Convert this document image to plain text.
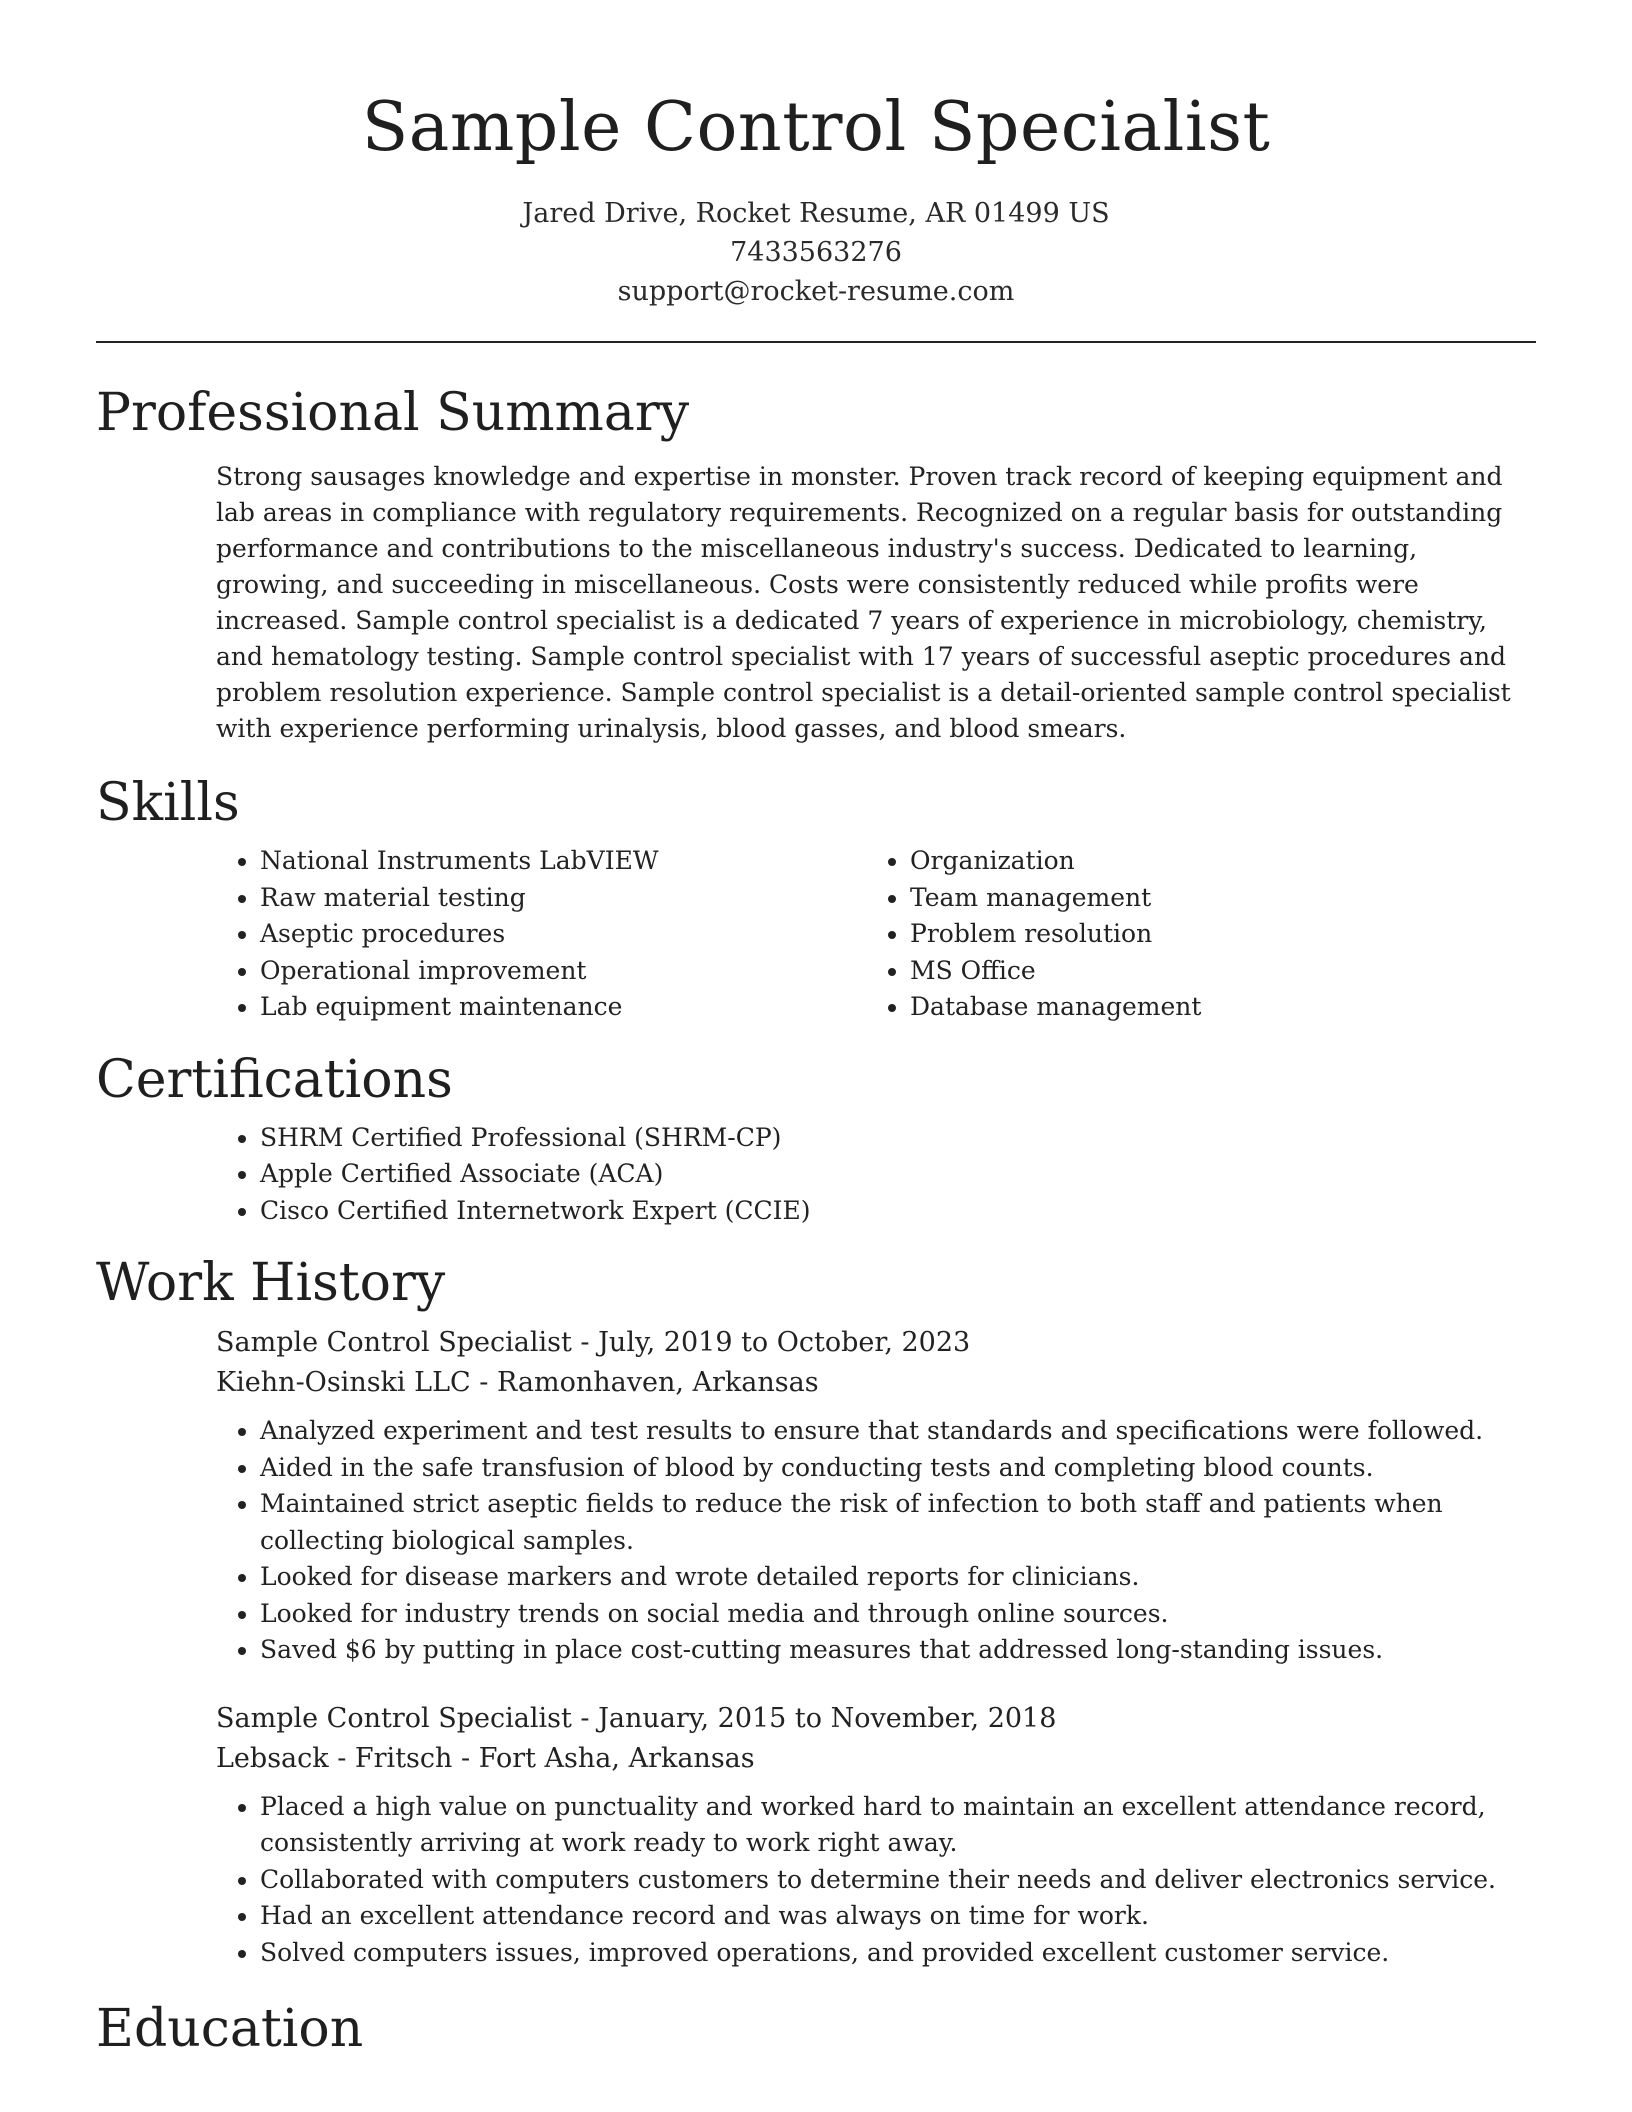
Sample Control Specialist
Jared Drive, Rocket Resume, AR 01499 US
7433563276
support@rocket-resume.com
Professional Summary
Strong sausages knowledge and expertise in monster. Proven track record of keeping equipment and lab areas in compliance with regulatory requirements. Recognized on a regular basis for outstanding performance and contributions to the miscellaneous industry's success. Dedicated to learning, growing, and succeeding in miscellaneous. Costs were consistently reduced while profits were increased. Sample control specialist is a dedicated 7 years of experience in microbiology, chemistry, and hematology testing. Sample control specialist with 17 years of successful aseptic procedures and problem resolution experience. Sample control specialist is a detail-oriented sample control specialist with experience performing urinalysis, blood gasses, and blood smears.
Skills
• National Instruments LabVIEW
• Raw material testing
• Aseptic procedures
• Operational improvement
• Lab equipment maintenance
• Organization
• Team management
• Problem resolution
• MS Office
• Database management
Certifications
• SHRM Certified Professional (SHRM-CP)
• Apple Certified Associate (ACA)
• Cisco Certified Internetwork Expert (CCIE)
Work History
Sample Control Specialist - July, 2019 to October, 2023
Kiehn-Osinski LLC - Ramonhaven, Arkansas
• Analyzed experiment and test results to ensure that standards and specifications were followed.
• Aided in the safe transfusion of blood by conducting tests and completing blood counts.
• Maintained strict aseptic fields to reduce the risk of infection to both staff and patients when collecting biological samples.
• Looked for disease markers and wrote detailed reports for clinicians.
• Looked for industry trends on social media and through online sources.
• Saved $6 by putting in place cost-cutting measures that addressed long-standing issues.
Sample Control Specialist - January, 2015 to November, 2018
Lebsack - Fritsch - Fort Asha, Arkansas
• Placed a high value on punctuality and worked hard to maintain an excellent attendance record, consistently arriving at work ready to work right away.
• Collaborated with computers customers to determine their needs and deliver electronics service.
• Had an excellent attendance record and was always on time for work.
• Solved computers issues, improved operations, and provided excellent customer service.
Education
